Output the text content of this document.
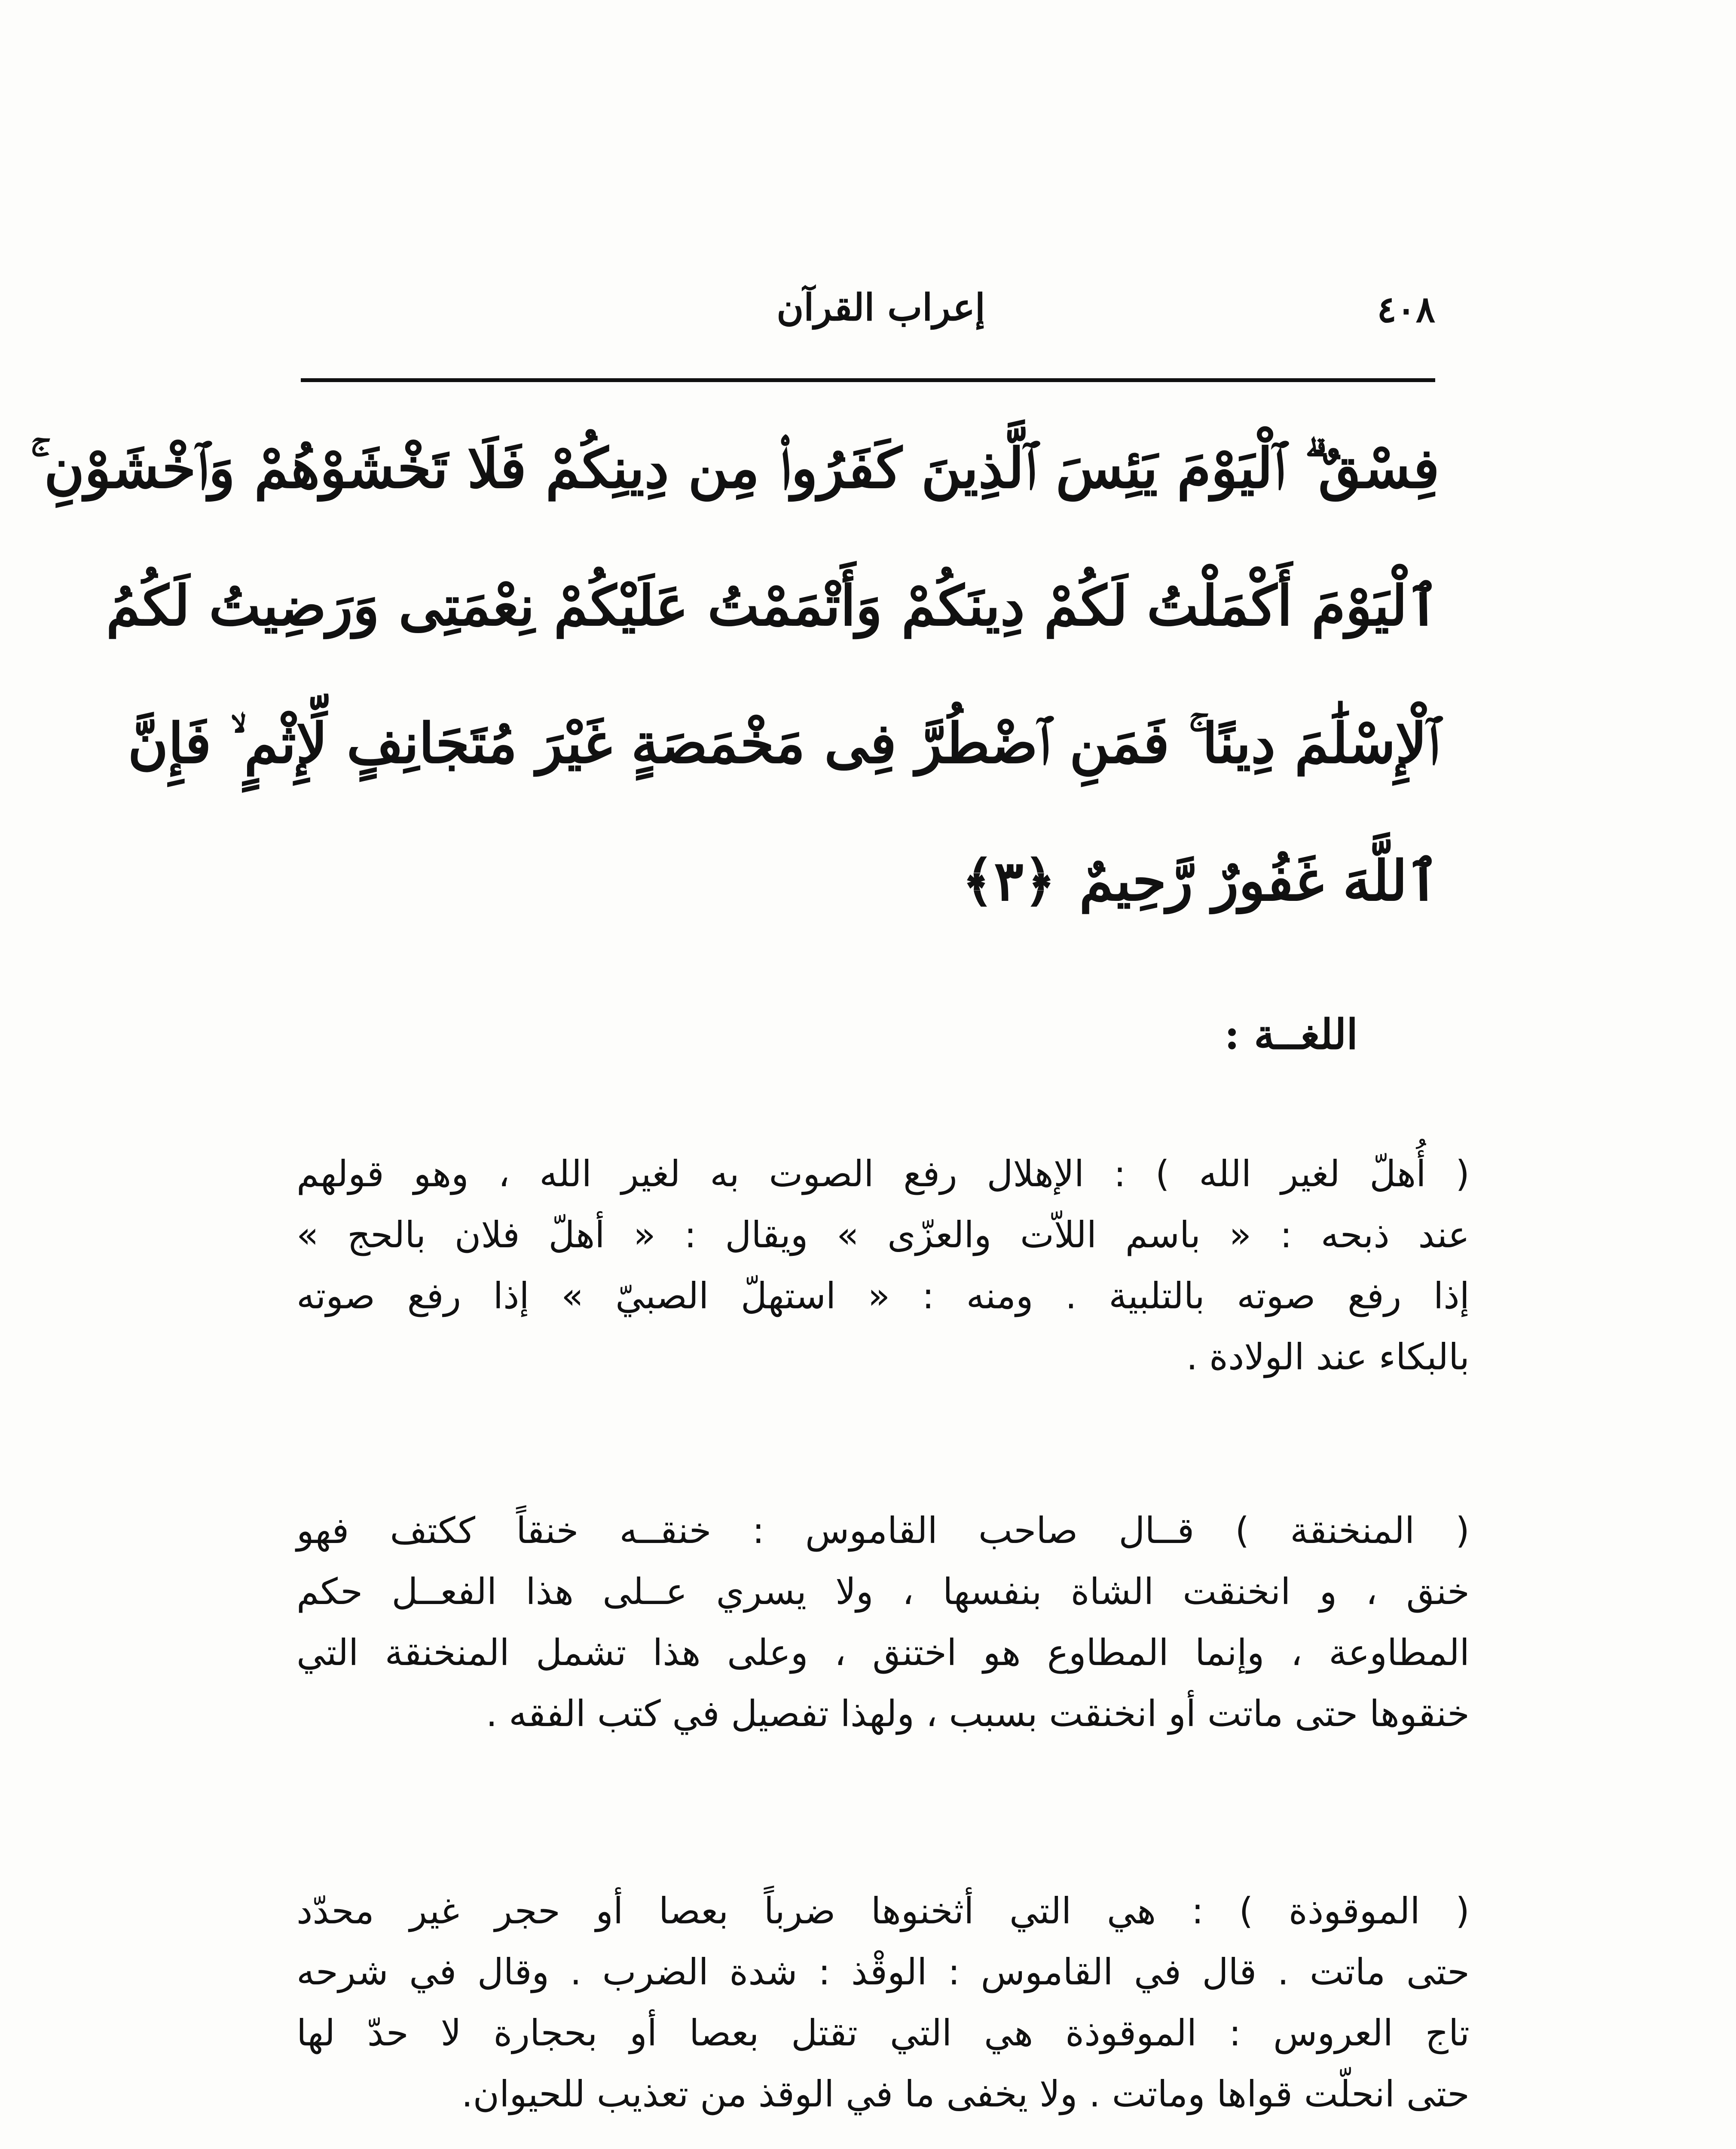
٤٠٨
إعراب القرآن
فِسْقٌ ۗ ٱلْيَوْمَ يَئِسَ ٱلَّذِينَ كَفَرُوا۟ مِن دِينِكُمْ فَلَا تَخْشَوْهُمْ وَٱخْشَوْنِ ۚ
ٱلْيَوْمَ أَكْمَلْتُ لَكُمْ دِينَكُمْ وَأَتْمَمْتُ عَلَيْكُمْ نِعْمَتِى وَرَضِيتُ لَكُمُ
ٱلْإِسْلَٰمَ دِينًا ۚ فَمَنِ ٱضْطُرَّ فِى مَخْمَصَةٍ غَيْرَ مُتَجَانِفٍ لِّإِثْمٍ ۙ فَإِنَّ
ٱللَّهَ غَفُورٌ رَّحِيمٌ ﴿٣﴾
اللغــة :
( أُهلّ لغير الله ) : الإهلال رفع الصوت به لغير الله ، وهو قولهم
عند ذبحه : « باسم اللاّت والعزّى » ويقال : « أهلّ فلان بالحج »
إذا رفع صوته بالتلبية . ومنه : « استهلّ الصبيّ » إذا رفع صوته
بالبكاء عند الولادة .
( المنخنقة ) قــال صاحب القاموس : خنقــه خنقاً ككتف فهو
خنق ، و انخنقت الشاة بنفسها ، ولا يسري عــلى هذا الفعــل حكم
المطاوعة ، وإنما المطاوع هو اختنق ، وعلى هذا تشمل المنخنقة التي
خنقوها حتى ماتت أو انخنقت بسبب ، ولهذا تفصيل في كتب الفقه .
( الموقوذة ) : هي التي أثخنوها ضرباً بعصا أو حجر غير محدّد
حتى ماتت . قال في القاموس : الوقْذ : شدة الضرب . وقال في شرحه
تاج العروس : الموقوذة هي التي تقتل بعصا أو بحجارة لا حدّ لها
حتى انحلّت قواها وماتت . ولا يخفى ما في الوقذ من تعذيب للحيوان.
